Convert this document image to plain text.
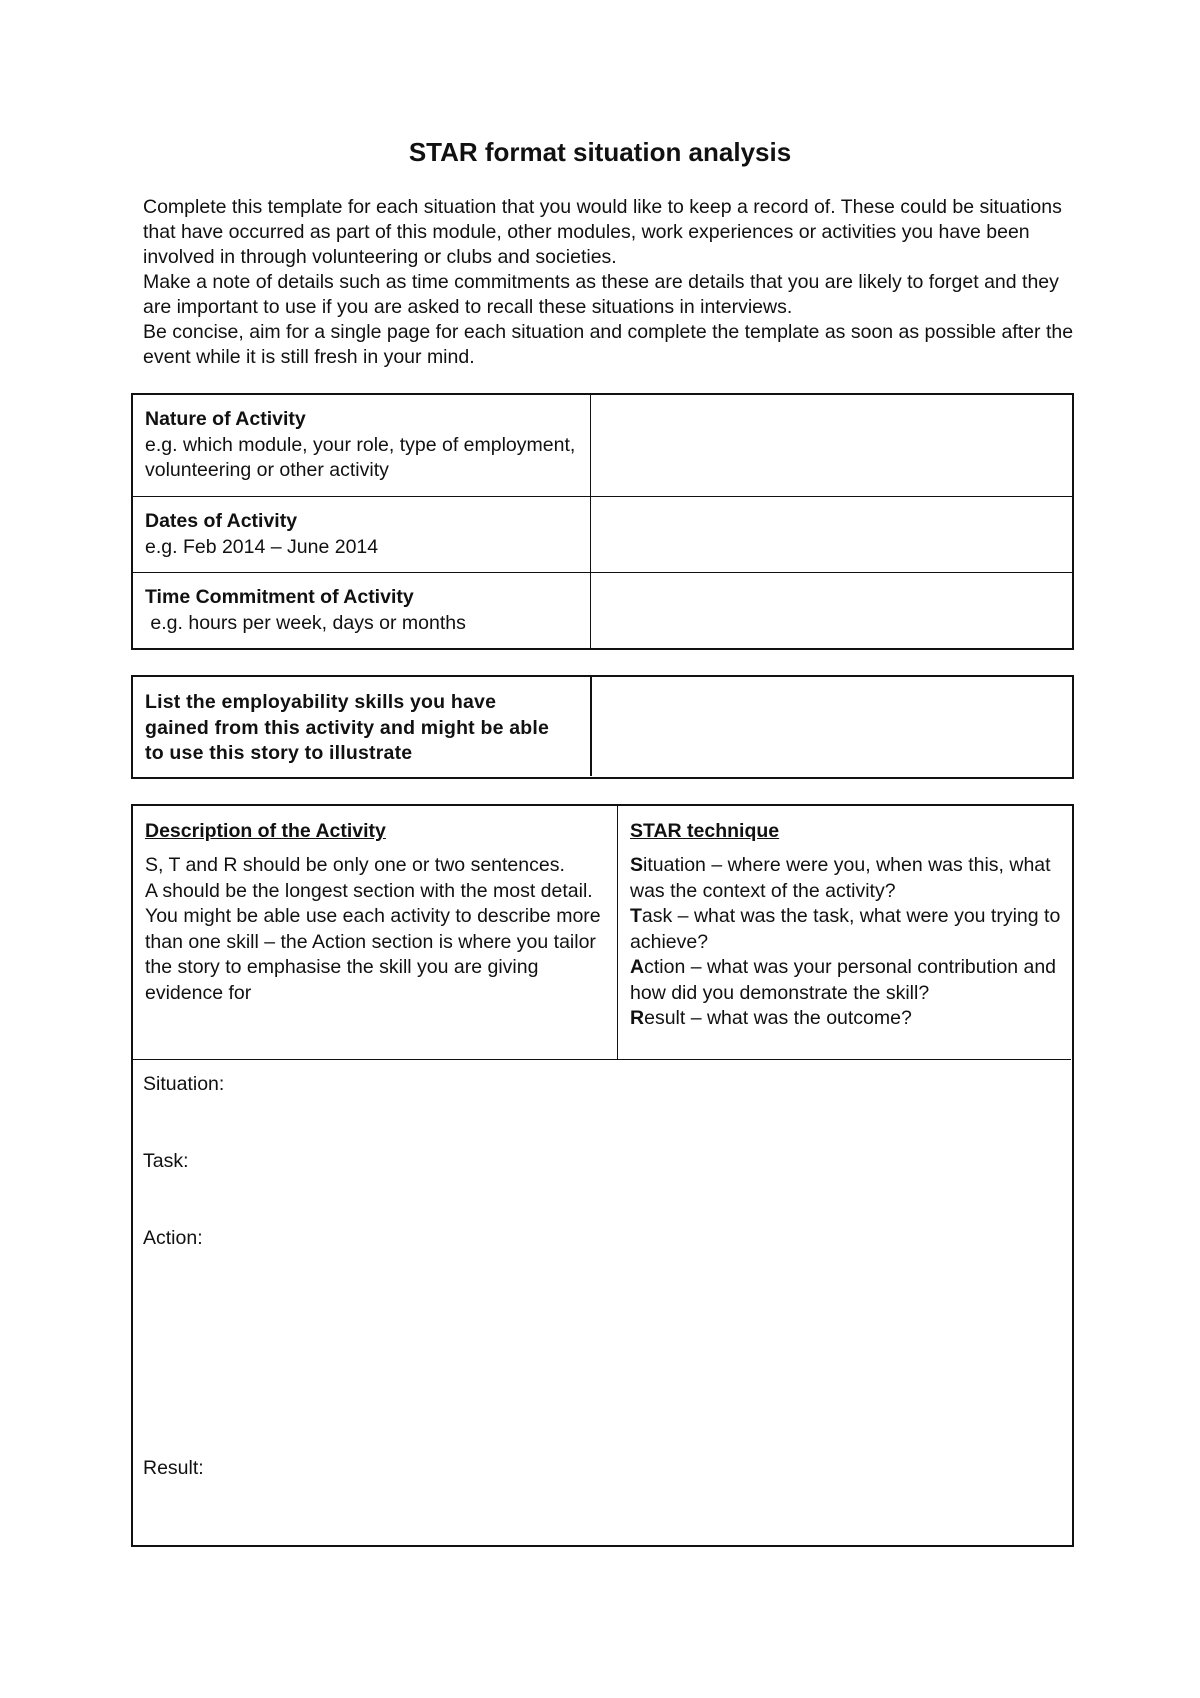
STAR format situation analysis

Complete this template for each situation that you would like to keep a record of. These could be situations that have occurred as part of this module, other modules, work experiences or activities you have been involved in through volunteering or clubs and societies.

Make a note of details such as time commitments as these are details that you are likely to forget and they are important to use if you are asked to recall these situations in interviews.

Be concise, aim for a single page for each situation and complete the template as soon as possible after the event while it is still fresh in your mind.

Nature of Activity
e.g. which module, your role, type of employment, volunteering or other activity
Dates of Activity
e.g. Feb 2014 – June 2014
Time Commitment of Activity
e.g. hours per week, days or months
List the employability skills you have gained from this activity and might be able to use this story to illustrate

Description of the Activity

S, T and R should be only one or two sentences.

A should be the longest section with the most detail.

You might be able use each activity to describe more than one skill – the Action section is where you tailor the story to emphasise the skill you are giving evidence for

STAR technique

Situation – where were you, when was this, what was the context of the activity?

Task – what was the task, what were you trying to achieve?

Action – what was your personal contribution and how did you demonstrate the skill?

Result – what was the outcome?

Situation:
Task:
Action:
Result:
